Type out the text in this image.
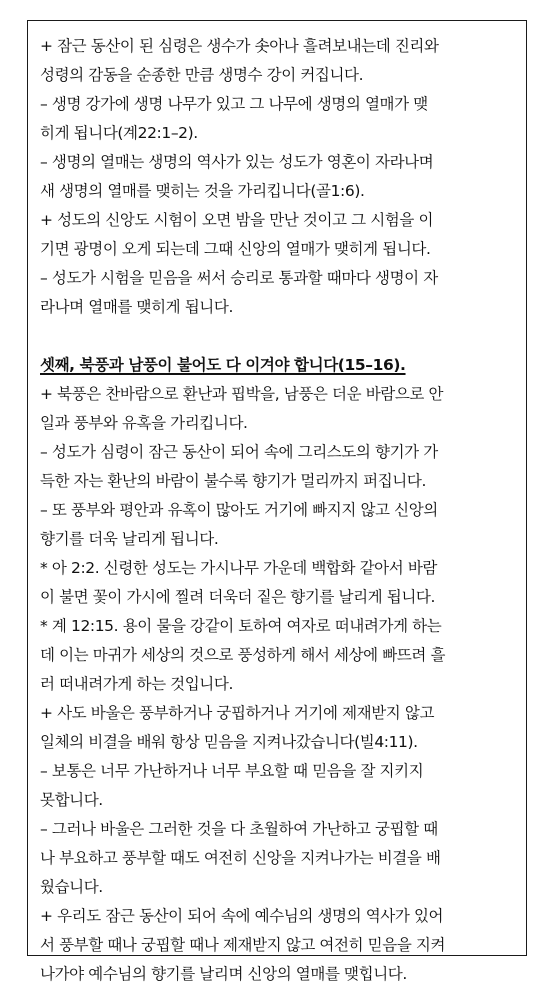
+ 잠근 동산이 된 심령은 생수가 솟아나 흘려보내는데 진리와
성령의 감동을 순종한 만큼 생명수 강이 커집니다.
– 생명 강가에 생명 나무가 있고 그 나무에 생명의 열매가 맺
히게 됩니다(계22:1–2).
– 생명의 열매는 생명의 역사가 있는 성도가 영혼이 자라나며
새 생명의 열매를 맺히는 것을 가리킵니다(골1:6).
+ 성도의 신앙도 시험이 오면 밤을 만난 것이고 그 시험을 이
기면 광명이 오게 되는데 그때 신앙의 열매가 맺히게 됩니다.
– 성도가 시험을 믿음을 써서 승리로 통과할 때마다 생명이 자
라나며 열매를 맺히게 됩니다.
셋째, 북풍과 남풍이 불어도 다 이겨야 합니다(15–16).
+ 북풍은 찬바람으로 환난과 핍박을, 남풍은 더운 바람으로 안
일과 풍부와 유혹을 가리킵니다.
– 성도가 심령이 잠근 동산이 되어 속에 그리스도의 향기가 가
득한 자는 환난의 바람이 불수록 향기가 멀리까지 퍼집니다.
– 또 풍부와 평안과 유혹이 많아도 거기에 빠지지 않고 신앙의
향기를 더욱 날리게 됩니다.
* 아 2:2. 신령한 성도는 가시나무 가운데 백합화 같아서 바람
이 불면 꽃이 가시에 찔려 더욱더 짙은 향기를 날리게 됩니다.
* 계 12:15. 용이 물을 강같이 토하여 여자로 떠내려가게 하는
데 이는 마귀가 세상의 것으로 풍성하게 해서 세상에 빠뜨려 흘
러 떠내려가게 하는 것입니다.
+ 사도 바울은 풍부하거나 궁핍하거나 거기에 제재받지 않고
일체의 비결을 배워 항상 믿음을 지켜나갔습니다(빌4:11).
– 보통은 너무 가난하거나 너무 부요할 때 믿음을 잘 지키지
못합니다.
– 그러나 바울은 그러한 것을 다 초월하여 가난하고 궁핍할 때
나 부요하고 풍부할 때도 여전히 신앙을 지켜나가는 비결을 배
웠습니다.
+ 우리도 잠근 동산이 되어 속에 예수님의 생명의 역사가 있어
서 풍부할 때나 궁핍할 때나 제재받지 않고 여전히 믿음을 지켜
나가야 예수님의 향기를 날리며 신앙의 열매를 맺힙니다.
